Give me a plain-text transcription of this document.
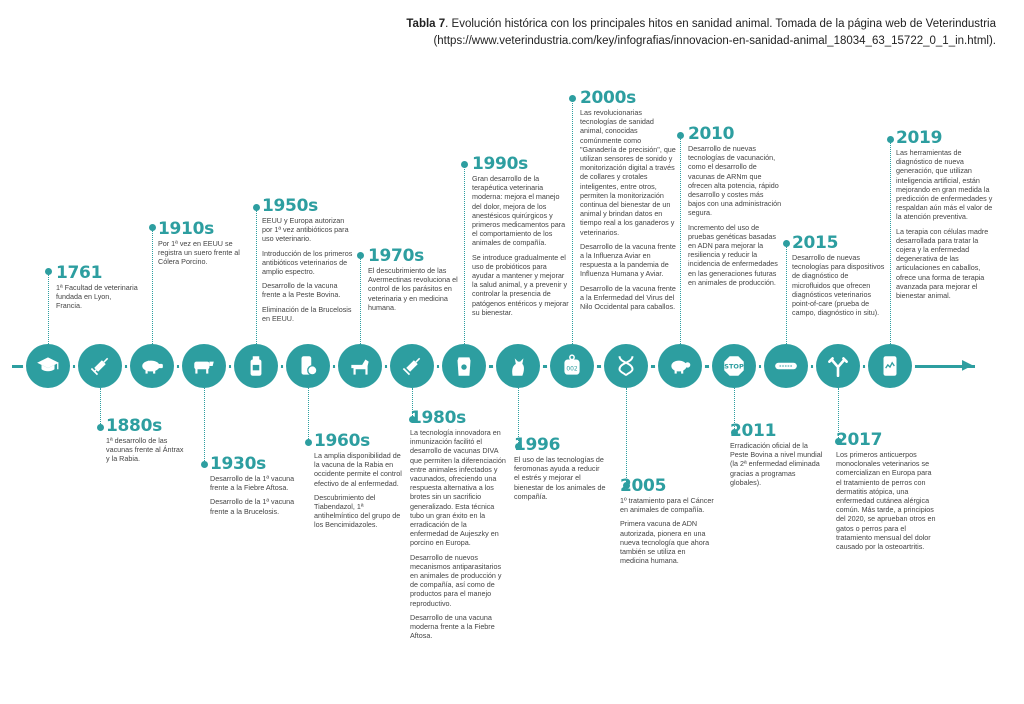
Tabla 7. Evolución histórica con los principales hitos en sanidad animal. Tomada de la página web de Veterindustria
(https://www.veterindustria.com/key/infografias/innovacion-en-sanidad-animal_18034_63_15722_0_1_in.html).
▶
002	STOP
1761

1ª Facultad de veterinaria fundada en Lyon, Francia.

1910s

Por 1ª vez en EEUU se registra un suero frente al Cólera Porcino.

1950s

EEUU y Europa autorizan por 1ª vez antibióticos para uso veterinario.

Introducción de los primeros antibióticos veterinarios de amplio espectro.

Desarrollo de la vacuna frente a la Peste Bovina.

Eliminación de la Brucelosis en EEUU.

1970s

El descubrimiento de las Avermectinas revoluciona el control de los parásitos en veterinaria y en medicina humana.

1990s

Gran desarrollo de la terapéutica veterinaria moderna: mejora el manejo del dolor, mejora de los anestésicos quirúrgicos y primeros medicamentos para el comportamiento de los animales de compañía.

Se introduce gradualmente el uso de probióticos para ayudar a mantener y mejorar la salud animal, y a prevenir y controlar la presencia de patógenos entéricos y mejorar su bienestar.

2000s

Las revolucionarias tecnologías de sanidad animal, conocidas comúnmente como "Ganadería de precisión", que utilizan sensores de sonido y monitorización digital a través de collares y crotales inteligentes, entre otros, permiten la monitorización continua del bienestar de un animal y brindan datos en tiempo real a los ganaderos y veterinarios.

Desarrollo de la vacuna frente a la Influenza Aviar en respuesta a la pandemia de Influenza Humana y Aviar.

Desarrollo de la vacuna frente a la Enfermedad del Virus del Nilo Occidental para caballos.

2010

Desarrollo de nuevas tecnologías de vacunación, como el desarrollo de vacunas de ARNm que ofrecen alta potencia, rápido desarrollo y costes más bajos con una administración segura.

Incremento del uso de pruebas genéticas basadas en ADN para mejorar la resiliencia y reducir la incidencia de enfermedades en las generaciones futuras en animales de producción.

2015

Desarrollo de nuevas tecnologías para dispositivos de diagnóstico de microfluidos que ofrecen diagnósticos veterinarios point-of-care (prueba de campo, diagnóstico in situ).

2019

Las herramientas de diagnóstico de nueva generación, que utilizan inteligencia artificial, están mejorando en gran medida la predicción de enfermedades y respaldan aún más el valor de la atención preventiva.

La terapia con células madre desarrollada para tratar la cojera y la enfermedad degenerativa de las articulaciones en caballos, ofrece una forma de terapia avanzada para mejorar el bienestar animal.

1880s

1ª desarrollo de las vacunas frente al Ántrax y la Rabia.	1930s

Desarrollo de la 1ª vacuna frente a la Fiebre Aftosa.

Desarrollo de la 1ª vacuna frente a la Brucelosis.

1960s

La amplia disponibilidad de la vacuna de la Rabia en occidente permite el control efectivo de al enfermedad.

Descubrimiento del Tiabendazol, 1ª antihelmíntico del grupo de los Bencimidazoles.

1980s

La tecnología innovadora en inmunización facilitó el desarrollo de vacunas DIVA que permiten la diferenciación entre animales infectados y vacunados, ofreciendo una respuesta alternativa a los brotes sin un sacrificio generalizado. Esta técnica tubo un gran éxito en la erradicación de la enfermedad de Aujeszky en porcino en Europa.

Desarrollo de nuevos mecanismos antiparasitarios en animales de producción y de compañía, así como de productos para el manejo reproductivo.

Desarrollo de una vacuna moderna frente a la Fiebre Aftosa.

1996

El uso de las tecnologías de feromonas ayuda a reducir el estrés y mejorar el bienestar de los animales de compañía.

2005

1º tratamiento para el Cáncer en animales de compañía.

Primera vacuna de ADN autorizada, pionera en una nueva tecnología que ahora también se utiliza en medicina humana.

2011

Erradicación oficial de la Peste Bovina a nivel mundial (la 2ª enfermedad eliminada gracias a programas globales).

2017

Los primeros anticuerpos monoclonales veterinarios se comercializan en Europa para el tratamiento de perros con dermatitis atópica, una enfermedad cutánea alérgica común. Más tarde, a principios del 2020, se aprueban otros en gatos o perros para el tratamiento mensual del dolor causado por la osteoartritis.
